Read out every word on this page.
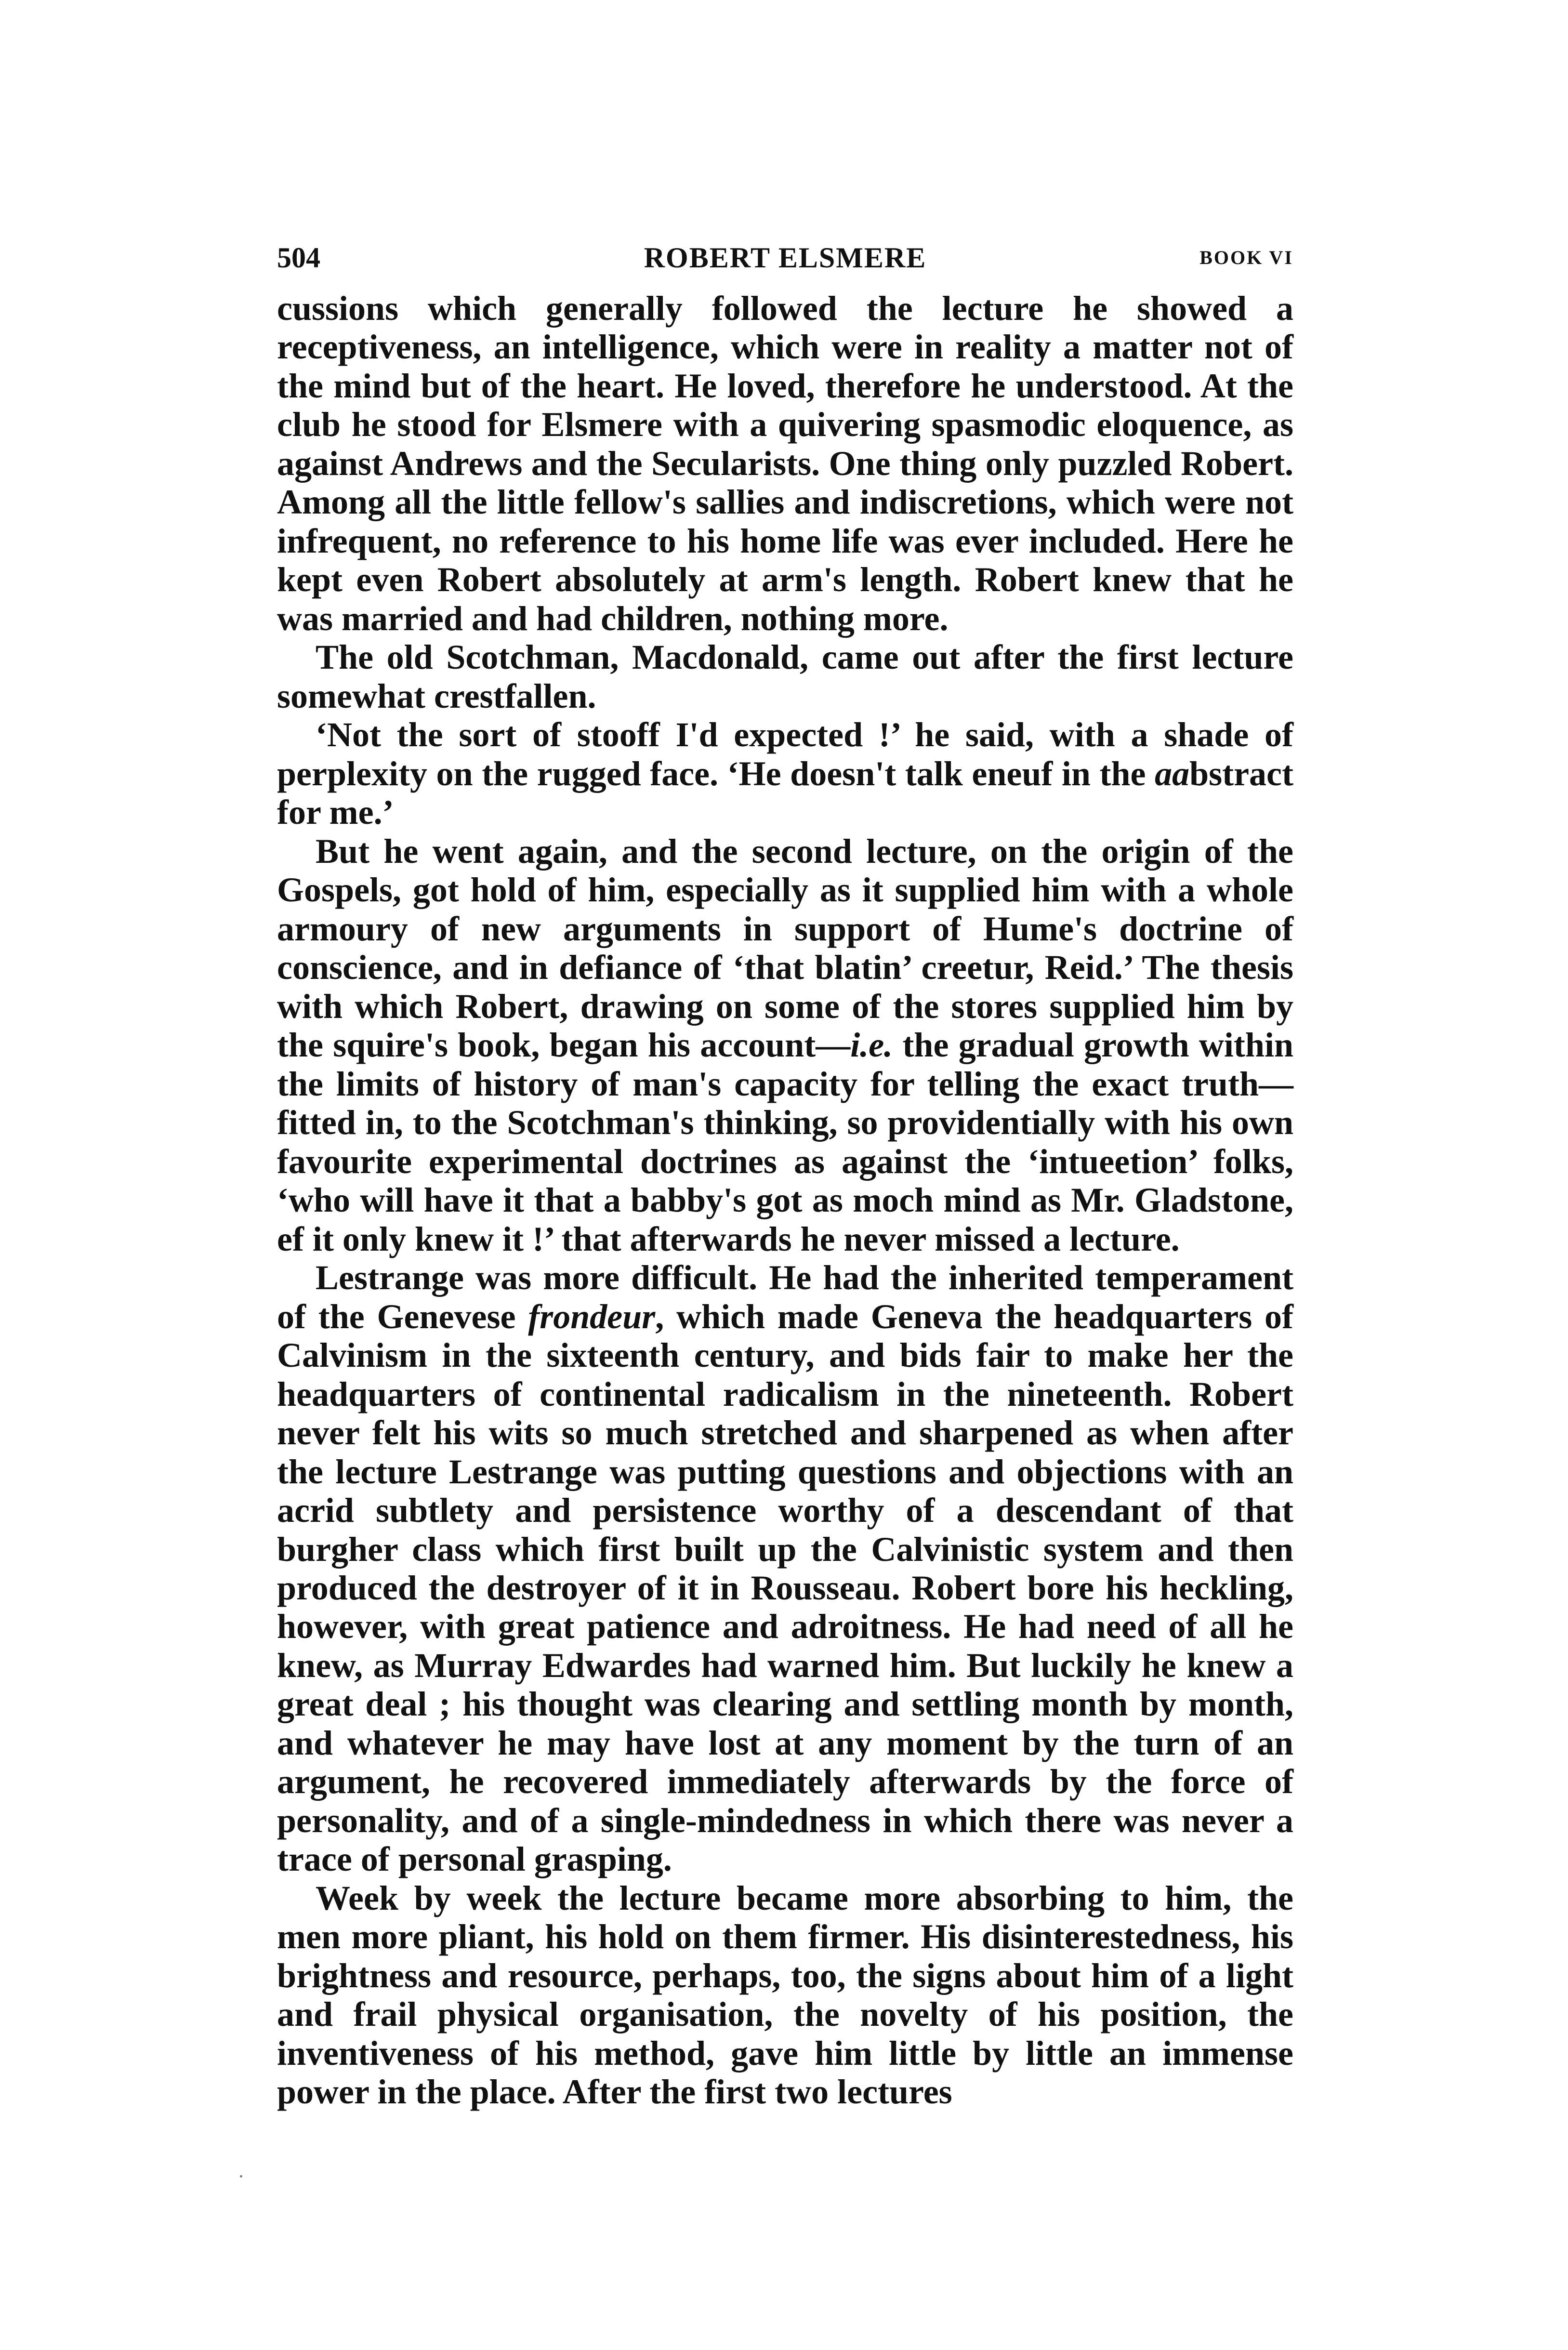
504	ROBERT ELSMERE	BOOK VI

cussions which generally followed the lecture he showed a receptiveness, an intelligence, which were in reality a matter not of the mind but of the heart. He loved, therefore he understood. At the club he stood for Elsmere with a quivering spasmodic eloquence, as against Andrews and the Secularists. One thing only puzzled Robert. Among all the little fellow's sallies and indiscretions, which were not infrequent, no reference to his home life was ever included. Here he kept even Robert absolutely at arm's length. Robert knew that he was married and had children, nothing more.

The old Scotchman, Macdonald, came out after the first lecture somewhat crestfallen.

‘Not the sort of stooff I'd expected !’ he said, with a shade of perplexity on the rugged face. ‘He doesn't talk eneuf in the aabstract for me.’

But he went again, and the second lecture, on the origin of the Gospels, got hold of him, especially as it supplied him with a whole armoury of new arguments in support of Hume's doctrine of conscience, and in defiance of ‘that blatin’ creetur, Reid.’ The thesis with which Robert, drawing on some of the stores supplied him by the squire's book, began his account—i.e. the gradual growth within the limits of history of man's capacity for telling the exact truth—fitted in, to the Scotchman's thinking, so providentially with his own favourite experimental doctrines as against the ‘intueetion’ folks, ‘who will have it that a babby's got as moch mind as Mr. Gladstone, ef it only knew it !’ that afterwards he never missed a lecture.

Lestrange was more difficult. He had the inherited temperament of the Genevese frondeur, which made Geneva the headquarters of Calvinism in the sixteenth century, and bids fair to make her the headquarters of continental radicalism in the nineteenth. Robert never felt his wits so much stretched and sharpened as when after the lecture Lestrange was putting questions and objections with an acrid subtlety and persistence worthy of a descendant of that burgher class which first built up the Calvinistic system and then produced the destroyer of it in Rousseau. Robert bore his heckling, however, with great patience and adroitness. He had need of all he knew, as Murray Edwardes had warned him. But luckily he knew a great deal ; his thought was clearing and settling month by month, and whatever he may have lost at any moment by the turn of an argument, he recovered immediately afterwards by the force of personality, and of a single-mindedness in which there was never a trace of personal grasping.

Week by week the lecture became more absorbing to him, the men more pliant, his hold on them firmer. His disinterestedness, his brightness and resource, perhaps, too, the signs about him of a light and frail physical organisation, the novelty of his position, the inventiveness of his method, gave him little by little an immense power in the place. After the first two lectures
